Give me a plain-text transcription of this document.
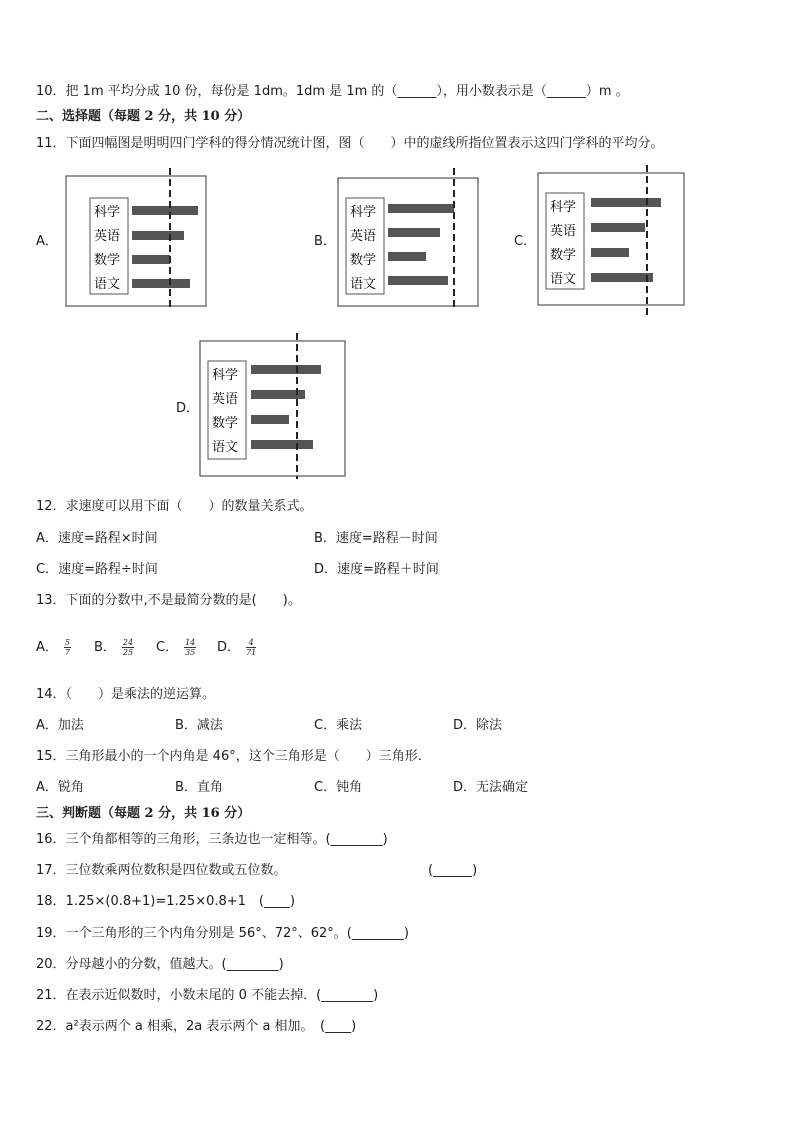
10．把 1m 平均分成 10 份，每份是 1dm。1dm 是 1m 的（______），用小数表示是（______）m 。
二、选择题（每题 2 分，共 10 分）
11．下面四幅图是明明四门学科的得分情况统计图，图（　　）中的虚线所指位置表示这四门学科的平均分。
A．
科学
英语
数学
语文
B．
科学
英语
数学
语文
C．
科学
英语
数学
语文
D．
科学
英语
数学
语文
12．求速度可以用下面（　　）的数量关系式。
A．速度=路程×时间	B．速度=路程－时间
C．速度=路程÷时间	D．速度=路程＋时间
13．下面的分数中,不是最简分数的是(　　)。
A． $\frac{5}{7}$ B． $\frac{24}{25}$ C． $\frac{14}{35}$ D． $\frac{4}{71}$
14．（　　）是乘法的逆运算。
A．加法	B．减法	C．乘法	D．除法
15．三角形最小的一个内角是 46°，这个三角形是（　　）三角形.
A．锐角	B．直角	C．钝角	D．无法确定
三、判断题（每题 2 分，共 16 分）
16．三个角都相等的三角形，三条边也一定相等。(________)
17．三位数乘两位数积是四位数或五位数。	(______)
18．1.25×(0.8+1)=1.25×0.8+1　(____)
19．一个三角形的三个内角分别是 56°、72°、62°。(________)
20．分母越小的分数，值越大。(________)
21．在表示近似数时，小数末尾的 0 不能去掉．(________)
22．a²表示两个 a 相乘，2a 表示两个 a 相加。　(____)
